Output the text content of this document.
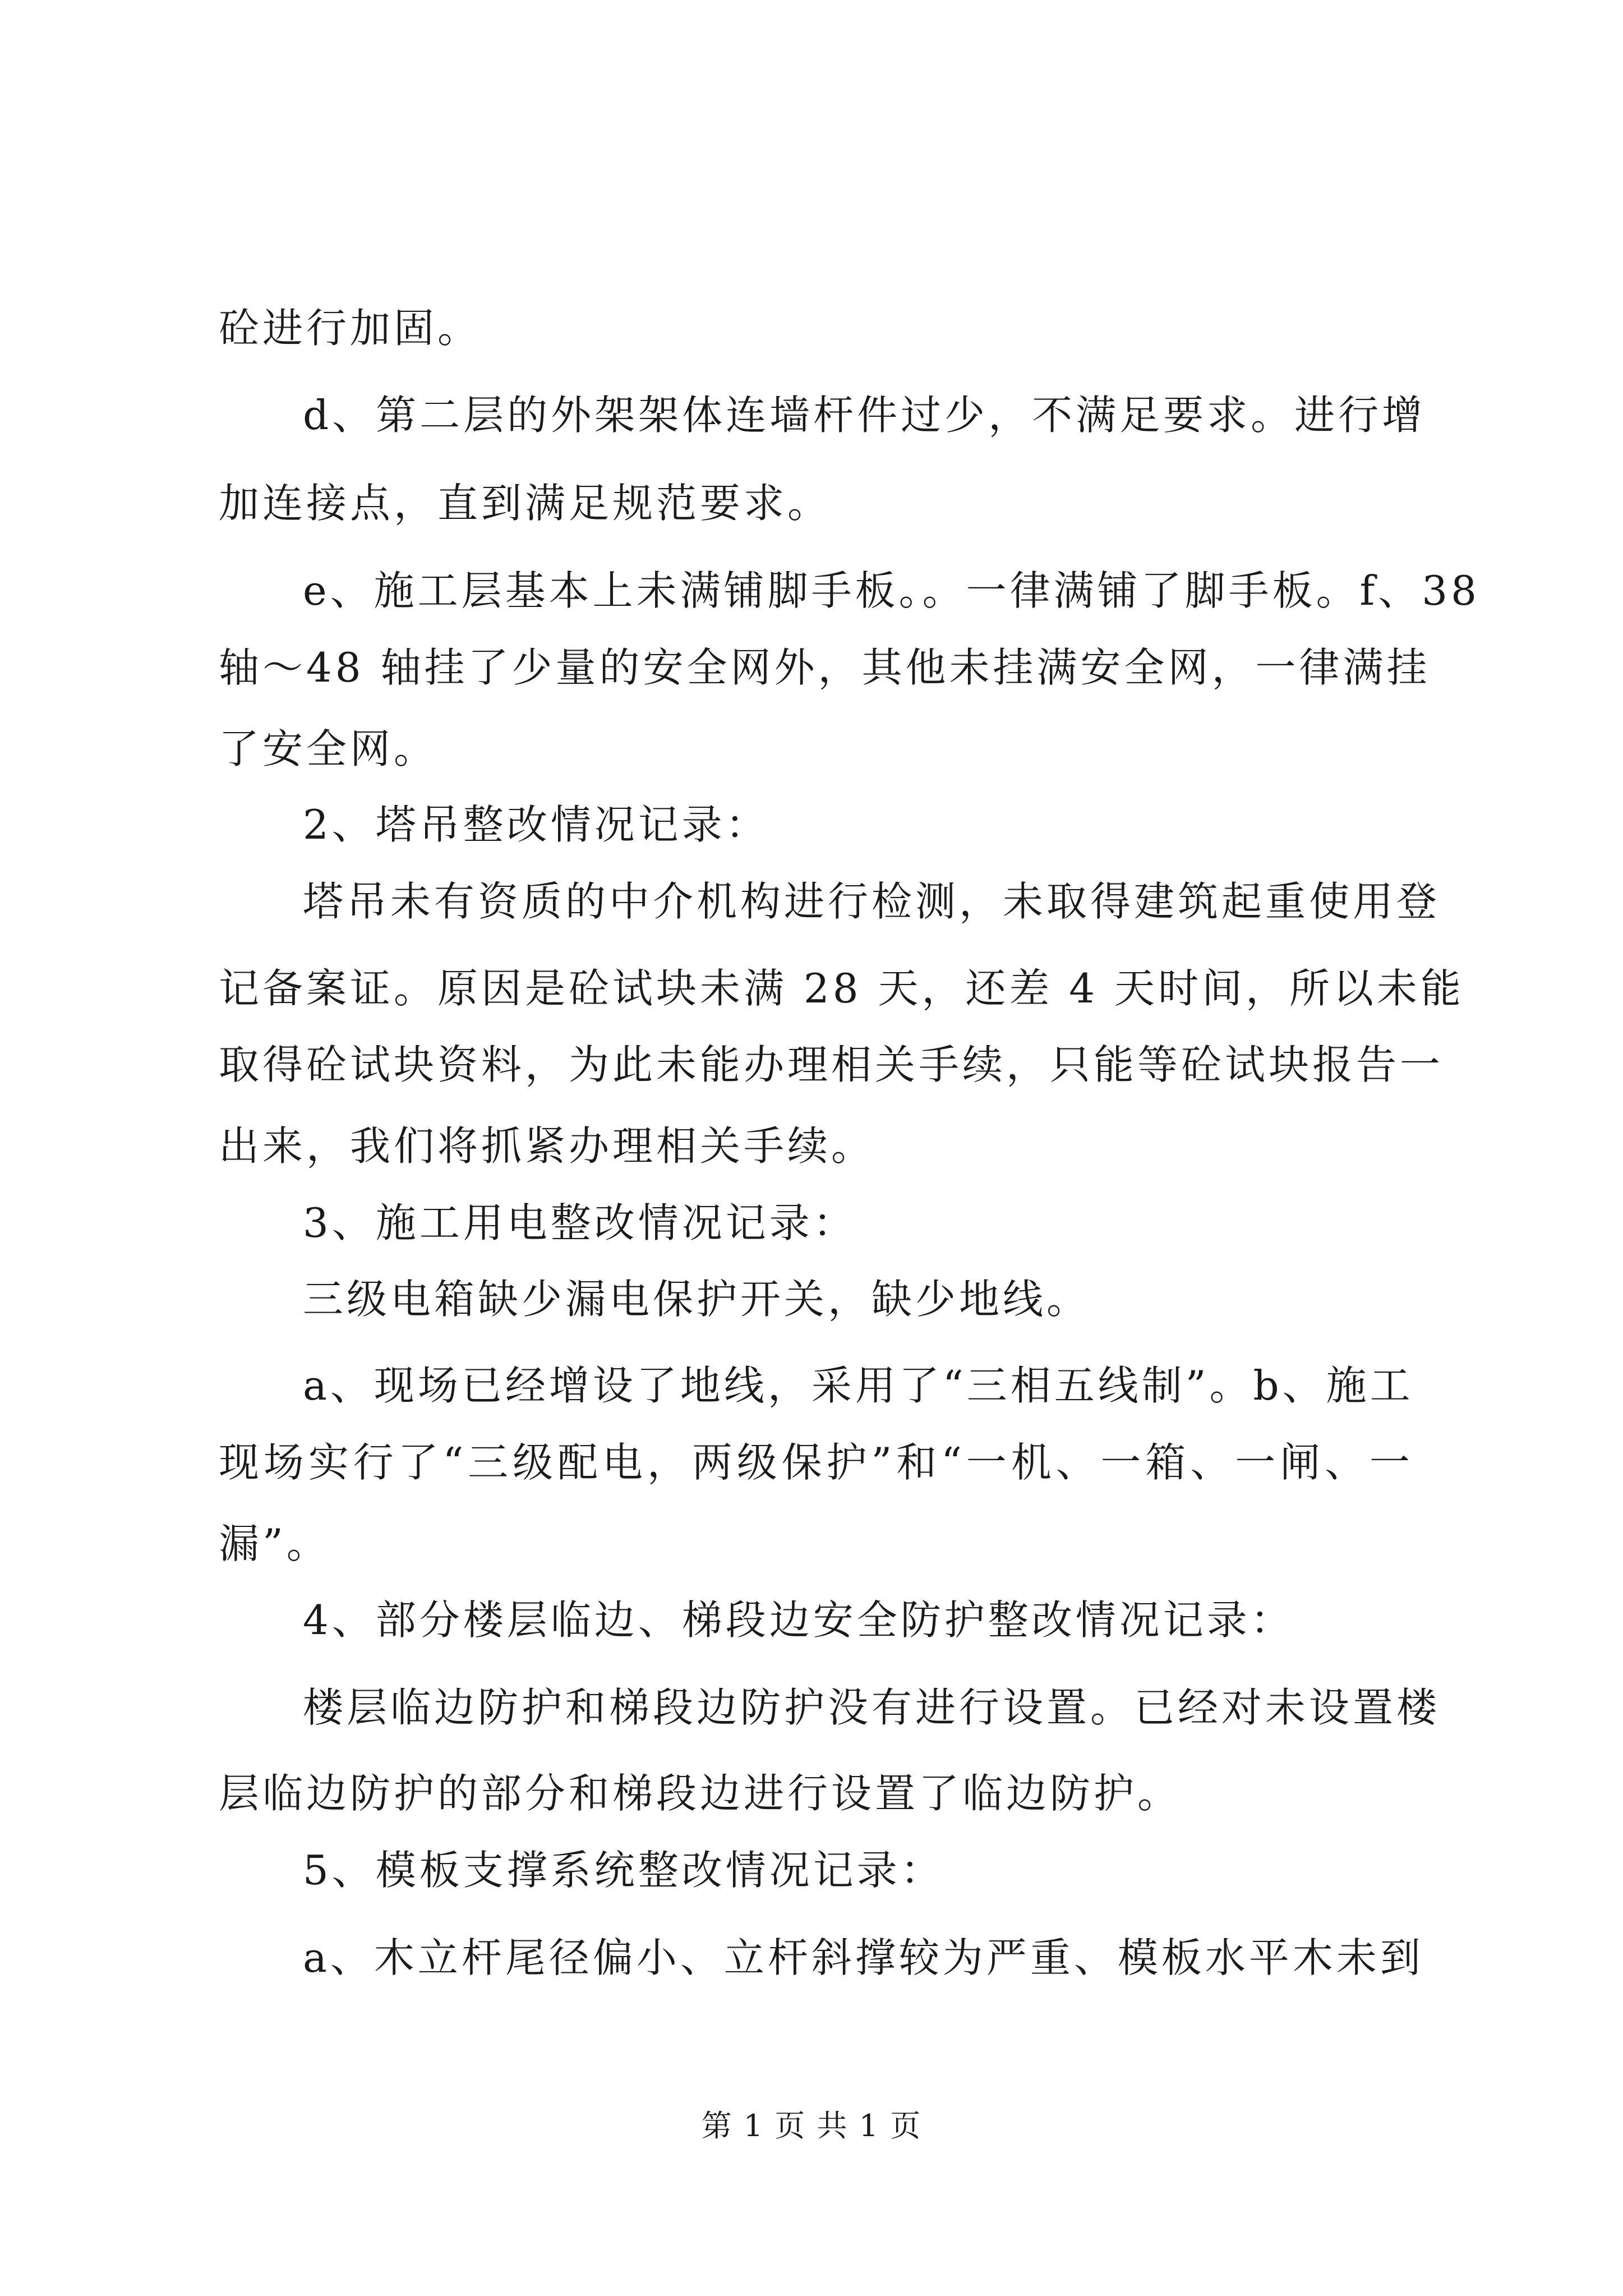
砼进行加固。
d、第二层的外架架体连墙杆件过少，不满足要求。进行增
加连接点，直到满足规范要求。
e、施工层基本上未满铺脚手板。。一律满铺了脚手板。f、38
轴～48 轴挂了少量的安全网外，其他未挂满安全网，一律满挂
了安全网。
2、塔吊整改情况记录：
塔吊未有资质的中介机构进行检测，未取得建筑起重使用登
记备案证。原因是砼试块未满 28 天，还差 4 天时间，所以未能
取得砼试块资料，为此未能办理相关手续，只能等砼试块报告一
出来，我们将抓紧办理相关手续。
3、施工用电整改情况记录：
三级电箱缺少漏电保护开关，缺少地线。
a、现场已经增设了地线，采用了“三相五线制”。b、施工
现场实行了“三级配电，两级保护”和“一机、一箱、一闸、一
漏”。
4、部分楼层临边、梯段边安全防护整改情况记录：
楼层临边防护和梯段边防护没有进行设置。已经对未设置楼
层临边防护的部分和梯段边进行设置了临边防护。
5、模板支撑系统整改情况记录：
a、木立杆尾径偏小、立杆斜撑较为严重、模板水平木未到
第 1 页 共 1 页
